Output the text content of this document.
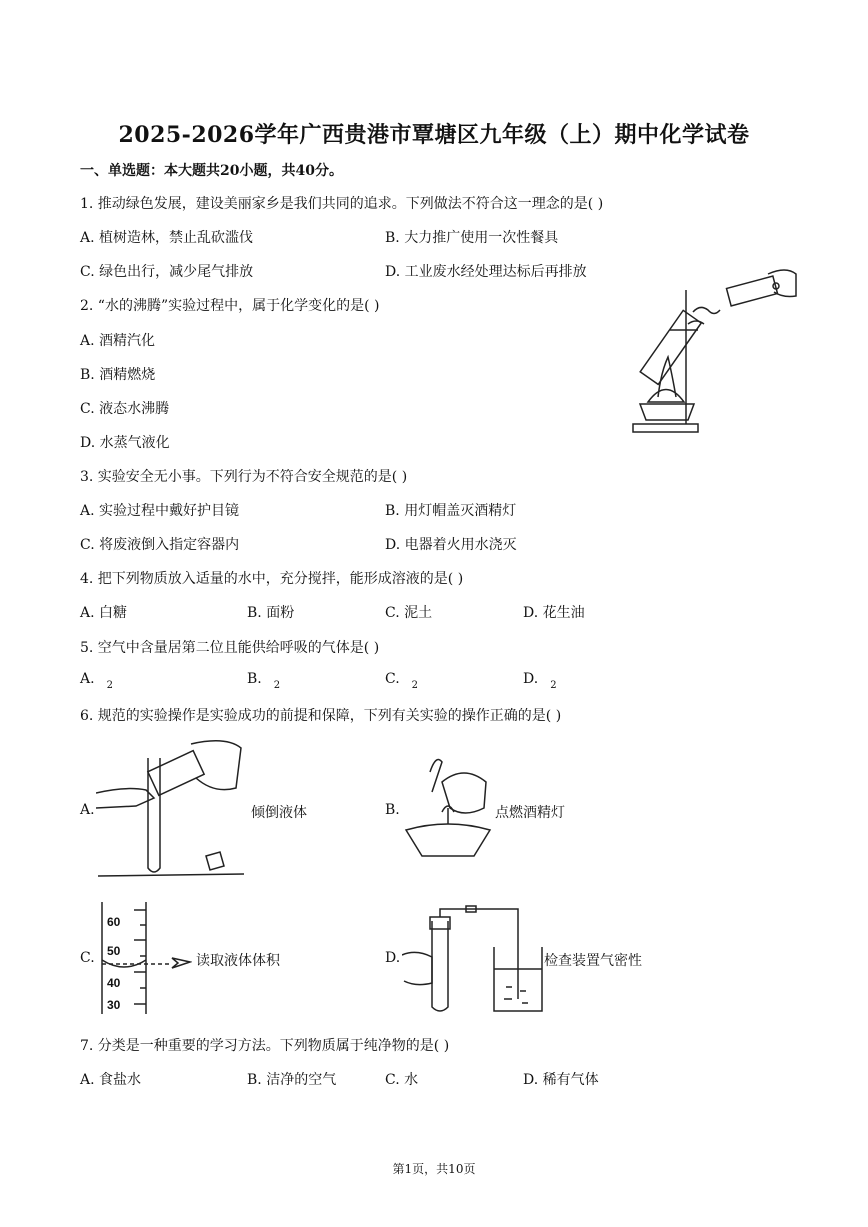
2025-2026学年广西贵港市覃塘区九年级（上）期中化学试卷
一、单选题：本大题共20小题，共40分。
1. 推动绿色发展，建设美丽家乡是我们共同的追求。下列做法不符合这一理念的是( )
A. 植树造林，禁止乱砍滥伐	B. 大力推广使用一次性餐具
C. 绿色出行，减少尾气排放	D. 工业废水经处理达标后再排放
2. “水的沸腾”实验过程中，属于化学变化的是( )
A. 酒精汽化
B. 酒精燃烧
C. 液态水沸腾
D. 水蒸气液化
3. 实验安全无小事。下列行为不符合安全规范的是( )
A. 实验过程中戴好护目镜	B. 用灯帽盖灭酒精灯
C. 将废液倒入指定容器内	D. 电器着火用水浇灭
4. 把下列物质放入适量的水中，充分搅拌，能形成溶液的是( )
A. 白糖	B. 面粉	C. 泥土	D. 花生油
5. 空气中含量居第二位且能供给呼吸的气体是( )
A. $_2$	B. $_2$	C. $_2$	D. $_2$
6. 规范的实验操作是实验成功的前提和保障，下列有关实验的操作正确的是( )
A.	倾倒液体	B.	点燃酒精灯
C.
60
50
40
30
读取液体体积	D.	检查装置气密性
7. 分类是一种重要的学习方法。下列物质属于纯净物的是( )
A. 食盐水	B. 洁净的空气	C. 水	D. 稀有气体
第1页，共10页
